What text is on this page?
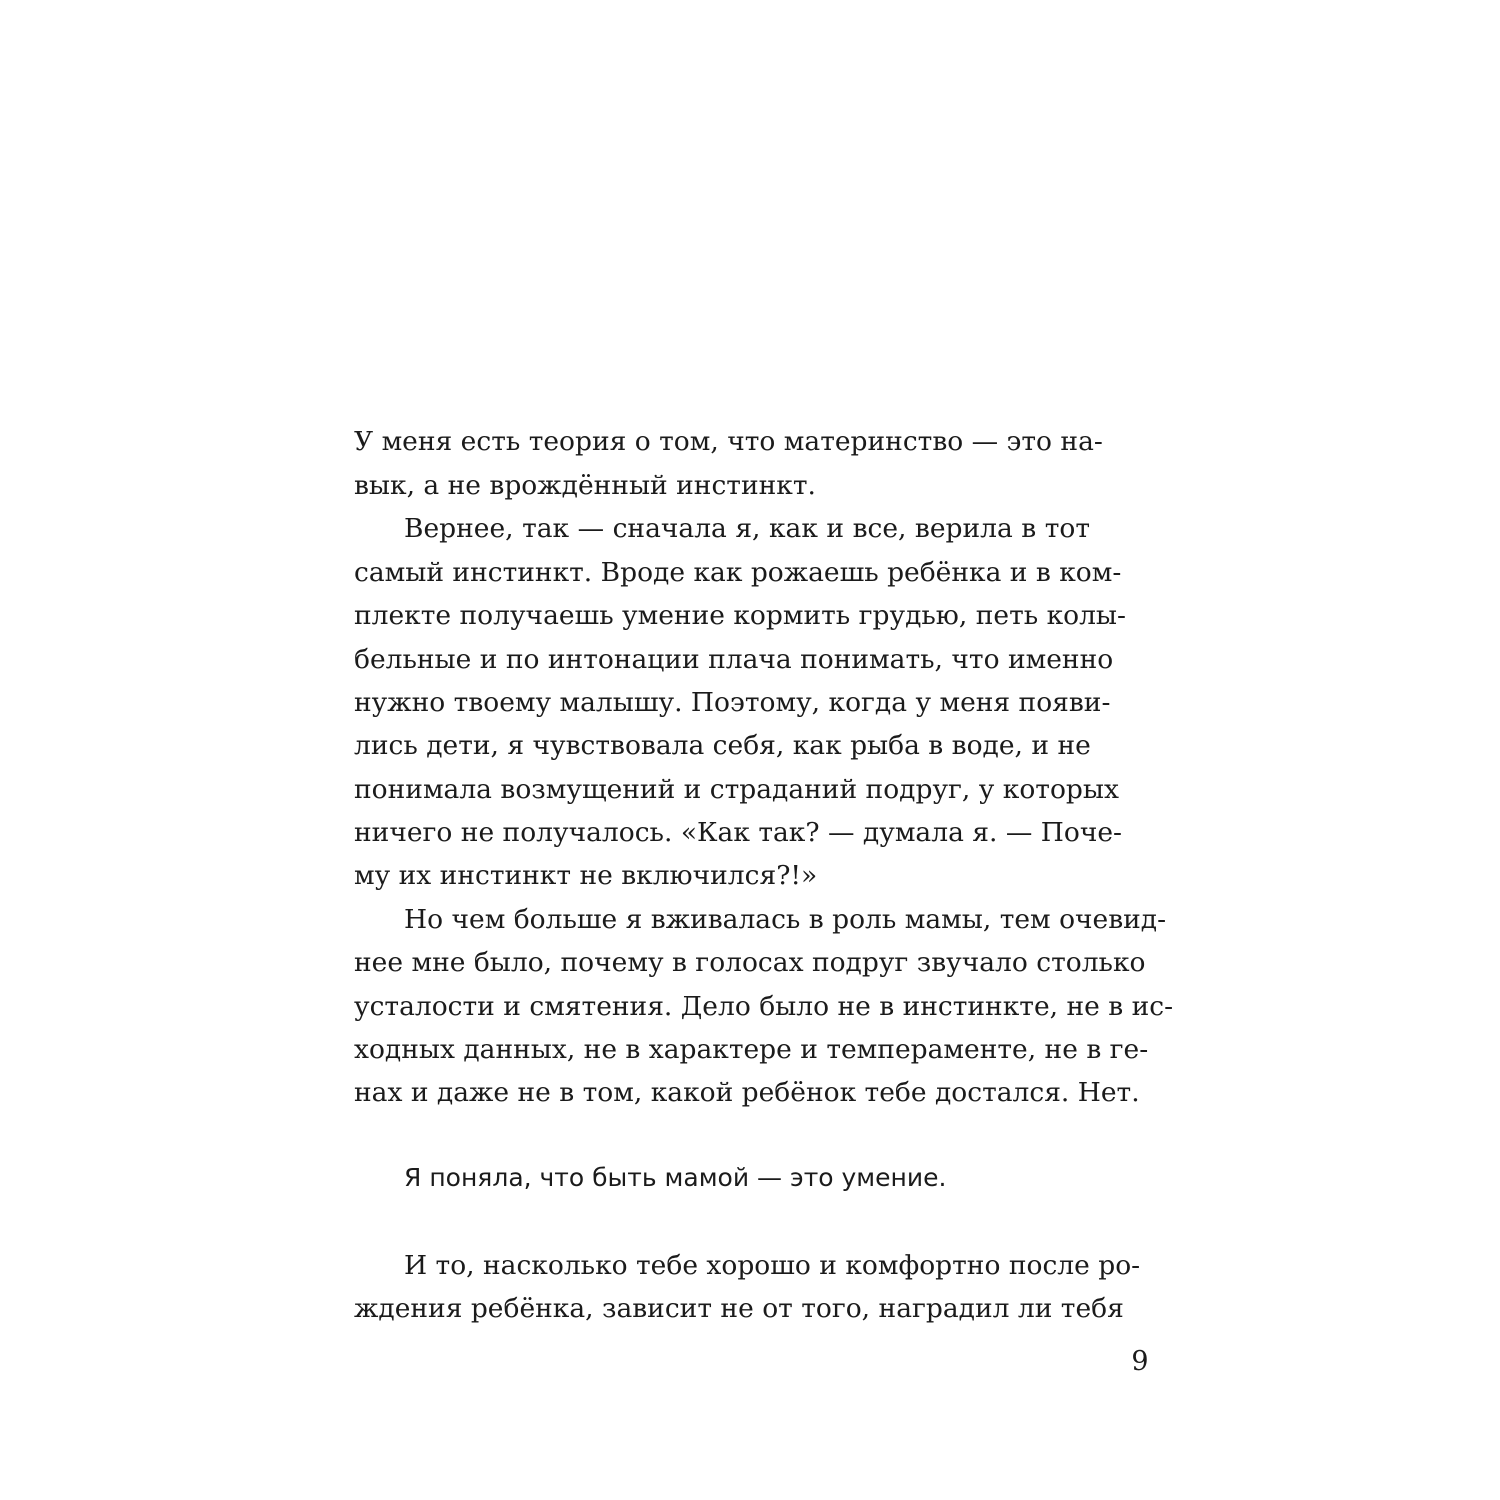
У меня есть теория о том, что материнство — это на-
вык, а не врождённый инстинкт.
Вернее, так — сначала я, как и все, верила в тот
самый инстинкт. Вроде как рожаешь ребёнка и в ком-
плекте получаешь умение кормить грудью, петь колы-
бельные и по интонации плача понимать, что именно
нужно твоему малышу. Поэтому, когда у меня появи-
лись дети, я чувствовала себя, как рыба в воде, и не
понимала возмущений и страданий подруг, у которых
ничего не получалось. «Как так? — думала я. — Поче-
му их инстинкт не включился?!»
Но чем больше я вживалась в роль мамы, тем очевид-
нее мне было, почему в голосах подруг звучало столько
усталости и смятения. Дело было не в инстинкте, не в ис-
ходных данных, не в характере и темпераменте, не в ге-
нах и даже не в том, какой ребёнок тебе достался. Нет.
Я поняла, что быть мамой — это умение.
И то, насколько тебе хорошо и комфортно после ро-
ждения ребёнка, зависит не от того, наградил ли тебя
9
